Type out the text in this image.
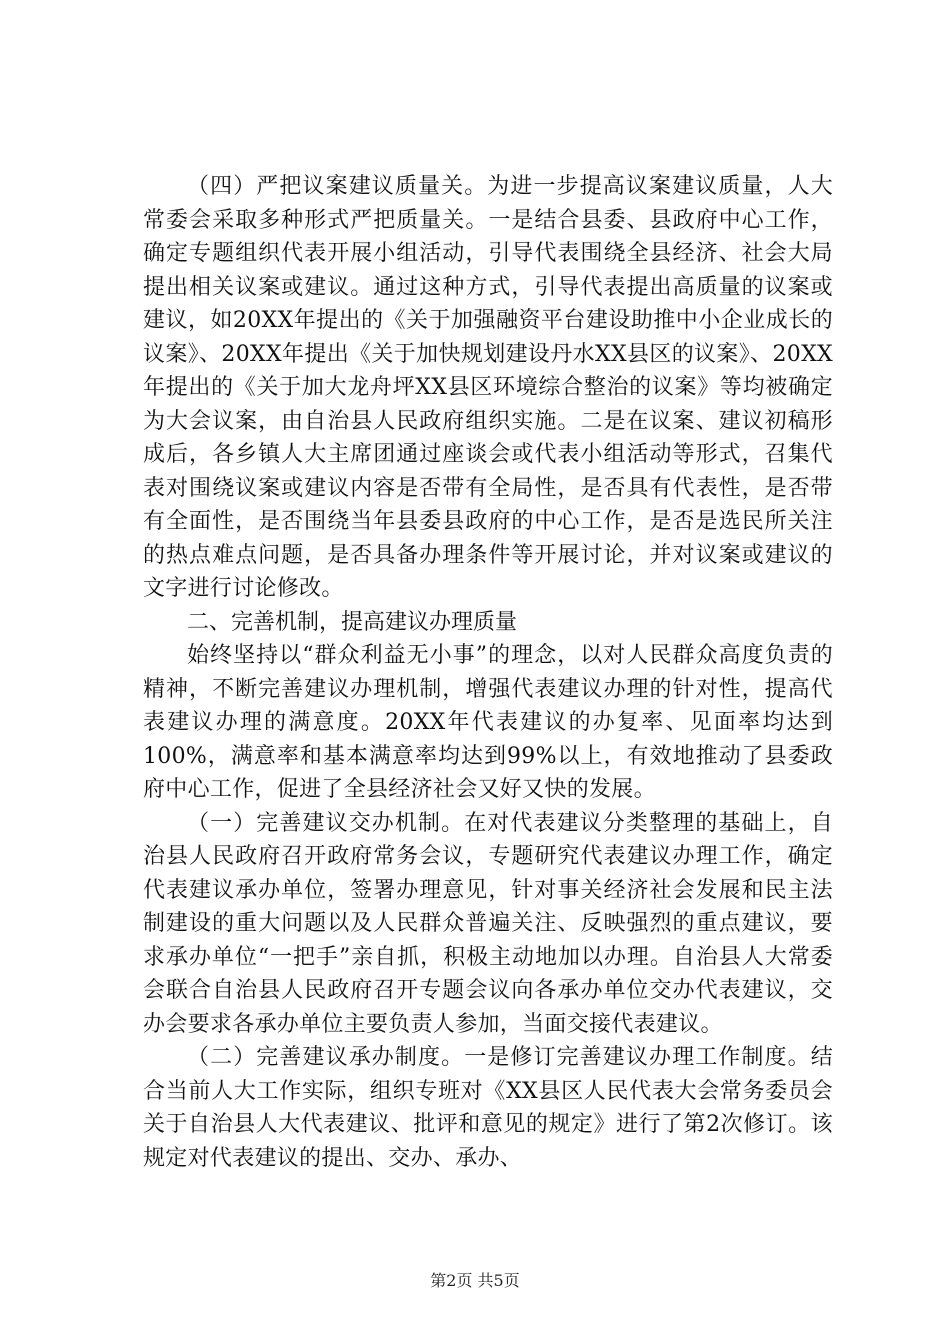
（四）严把议案建议质量关。为进一步提高议案建议质量，人大常委会采取多种形式严把质量关。一是结合县委、县政府中心工作，确定专题组织代表开展小组活动，引导代表围绕全县经济、社会大局提出相关议案或建议。通过这种方式，引导代表提出高质量的议案或建议，如20XX年提出的《关于加强融资平台建设助推中小企业成长的议案》、20XX年提出《关于加快规划建设丹水XX县区的议案》、20XX年提出的《关于加大龙舟坪XX县区环境综合整治的议案》等均被确定为大会议案，由自治县人民政府组织实施。二是在议案、建议初稿形成后，各乡镇人大主席团通过座谈会或代表小组活动等形式，召集代表对围绕议案或建议内容是否带有全局性，是否具有代表性，是否带有全面性，是否围绕当年县委县政府的中心工作，是否是选民所关注的热点难点问题，是否具备办理条件等开展讨论，并对议案或建议的文字进行讨论修改。

二、完善机制，提高建议办理质量

始终坚持以“群众利益无小事”的理念，以对人民群众高度负责的精神，不断完善建议办理机制，增强代表建议办理的针对性，提高代表建议办理的满意度。20XX年代表建议的办复率、见面率均达到100%，满意率和基本满意率均达到99%以上，有效地推动了县委政府中心工作，促进了全县经济社会又好又快的发展。

（一）完善建议交办机制。在对代表建议分类整理的基础上，自治县人民政府召开政府常务会议，专题研究代表建议办理工作，确定代表建议承办单位，签署办理意见，针对事关经济社会发展和民主法制建设的重大问题以及人民群众普遍关注、反映强烈的重点建议，要求承办单位“一把手”亲自抓，积极主动地加以办理。自治县人大常委会联合自治县人民政府召开专题会议向各承办单位交办代表建议，交办会要求各承办单位主要负责人参加，当面交接代表建议。

（二）完善建议承办制度。一是修订完善建议办理工作制度。结合当前人大工作实际，组织专班对《XX县区人民代表大会常务委员会关于自治县人大代表建议、批评和意见的规定》进行了第2次修订。该规定对代表建议的提出、交办、承办、

第2页 共5页
